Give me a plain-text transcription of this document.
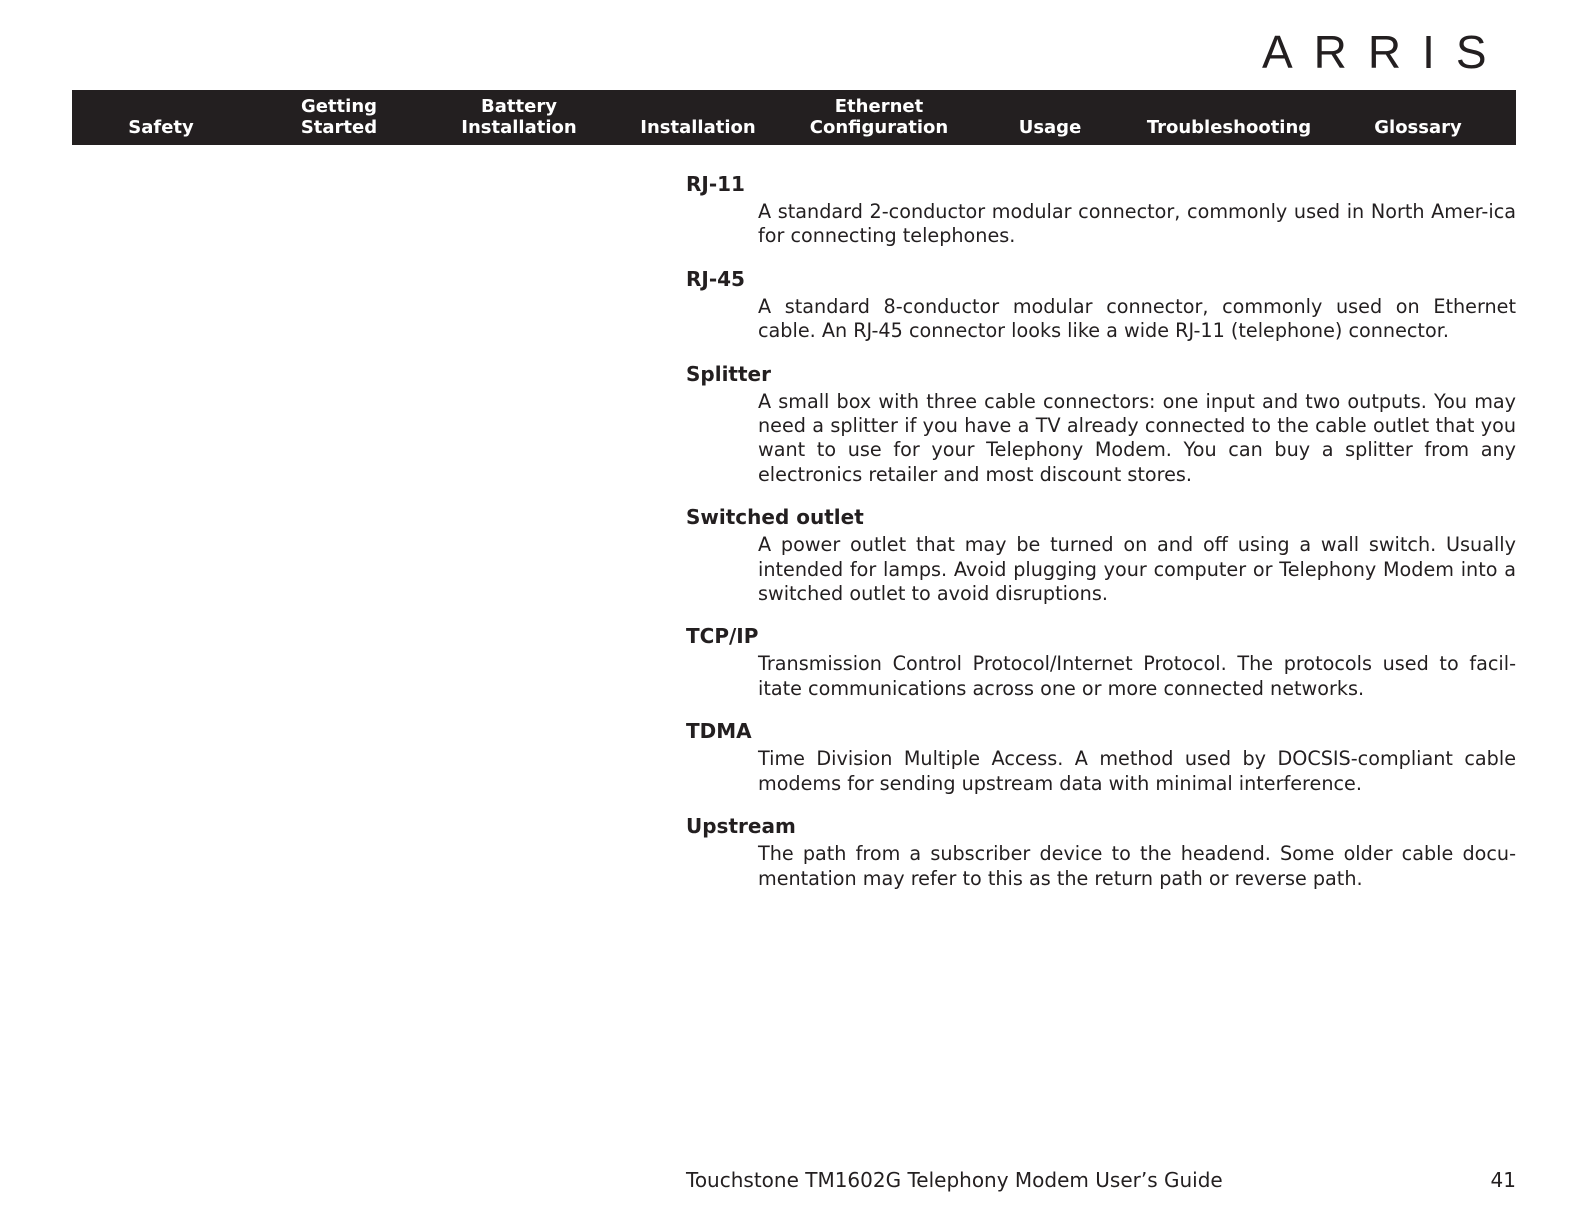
ARRIS
Safety
Getting
Started
Battery
Installation	Installation
Ethernet
Configuration	Usage	Troubleshooting	Glossary
RJ-11
A standard 2-conductor modular connector, commonly used in North Amer-ica for connecting telephones.
RJ-45
A standard 8-conductor modular connector, commonly used on Ethernet cable. An RJ-45 connector looks like a wide RJ-11 (telephone) connector.
Splitter
A small box with three cable connectors: one input and two outputs. You may need a splitter if you have a TV already connected to the cable outlet that you want to use for your Telephony Modem. You can buy a splitter from any electronics retailer and most discount stores.
Switched outlet
A power outlet that may be turned on and off using a wall switch. Usually intended for lamps. Avoid plugging your computer or Telephony Modem into a switched outlet to avoid disruptions.
TCP/IP
Transmission Control Protocol/Internet Protocol. The protocols used to facil-itate communications across one or more connected networks.
TDMA
Time Division Multiple Access. A method used by DOCSIS-compliant cable modems for sending upstream data with minimal interference.
Upstream
The path from a subscriber device to the headend. Some older cable docu-mentation may refer to this as the return path or reverse path.
Touchstone TM1602G Telephony Modem User’s Guide	41
